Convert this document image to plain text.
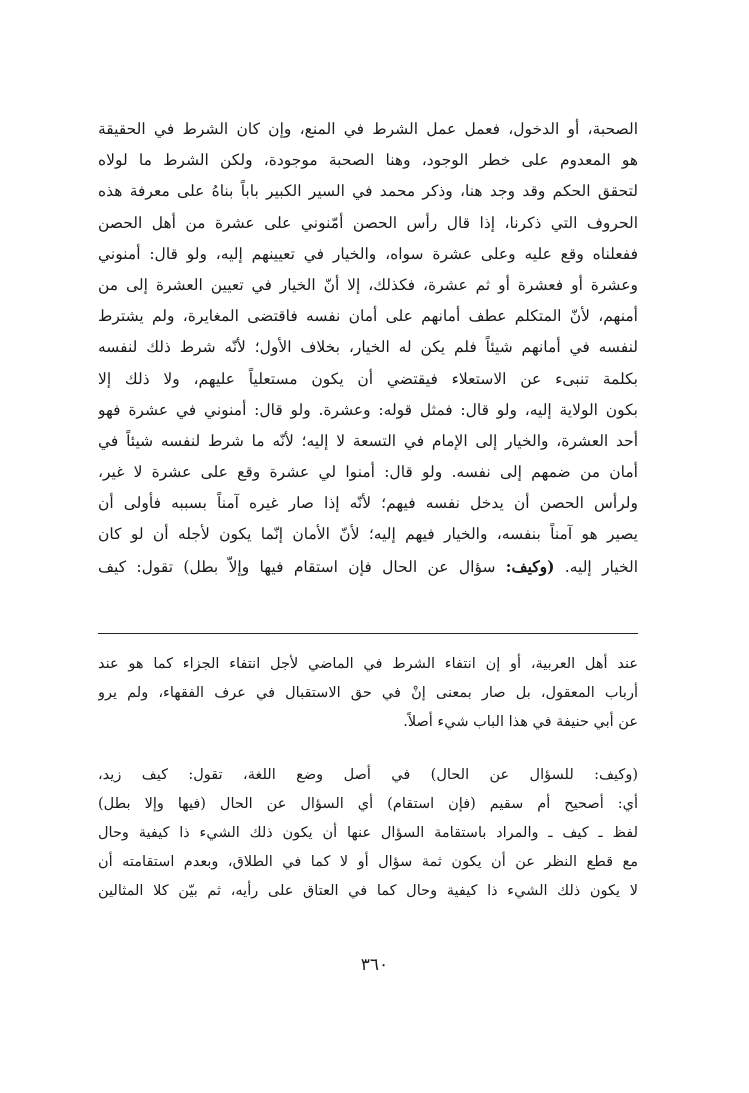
الصحبة، أو الدخول، فعمل عمل الشرط في المنع، وإن كان الشرط في الحقيقة
هو المعدوم على خطر الوجود، وهنا الصحبة موجودة، ولكن الشرط ما لولاه
لتحقق الحكم وقد وجد هنا، وذكر محمد في السير الكبير باباً بناهُ على معرفة هذه
الحروف التي ذكرنا، إذا قال رأس الحصن أمّنوني على عشرة من أهل الحصن
ففعلناه وقع عليه وعلى عشرة سواه، والخيار في تعيينهم إليه، ولو قال: أمنوني
وعشرة أو فعشرة أو ثم عشرة، فكذلك، إلا أنّ الخيار في تعيين العشرة إلى من
أمنهم، لأنّ المتكلم عطف أمانهم على أمان نفسه فاقتضى المغايرة، ولم يشترط
لنفسه في أمانهم شيئاً فلم يكن له الخيار، بخلاف الأول؛ لأنّه شرط ذلك لنفسه
بكلمة تنبىء عن الاستعلاء فيقتضي أن يكون مستعلياً عليهم، ولا ذلك إلا
بكون الولاية إليه، ولو قال: فمثل قوله: وعشرة. ولو قال: أمنوني في عشرة فهو
أحد العشرة، والخيار إلى الإمام في التسعة لا إليه؛ لأنّه ما شرط لنفسه شيئاً في
أمان من ضمهم إلى نفسه. ولو قال: أمنوا لي عشرة وقع على عشرة لا غير،
ولرأس الحصن أن يدخل نفسه فيهم؛ لأنّه إذا صار غيره آمناً بسببه فأولى أن
يصير هو آمناً بنفسه، والخيار فيهم إليه؛ لأنّ الأمان إنّما يكون لأجله أن لو كان
الخيار إليه. (وكيف: سؤال عن الحال فإن استقام فيها وإلاّ بطل) تقول: كيف
عند أهل العربية، أو إن انتفاء الشرط في الماضي لأجل انتفاء الجزاء كما هو عند
أرباب المعقول، بل صار بمعنى إنْ في حق الاستقبال في عرف الفقهاء، ولم يرو
عن أبي حنيفة في هذا الباب شيء أصلاً.
(وكيف: للسؤال عن الحال) في أصل وضع اللغة، تقول: كيف زيد،
أي: أصحيح أم سقيم (فإن استقام) أي السؤال عن الحال (فيها وإلا بطل)
لفظ ـ كيف ـ والمراد باستقامة السؤال عنها أن يكون ذلك الشيء ذا كيفية وحال
مع قطع النظر عن أن يكون ثمة سؤال أو لا كما في الطلاق، وبعدم استقامته أن
لا يكون ذلك الشيء ذا كيفية وحال كما في العتاق على رأيه، ثم بيّن كلا المثالين
٣٦٠
